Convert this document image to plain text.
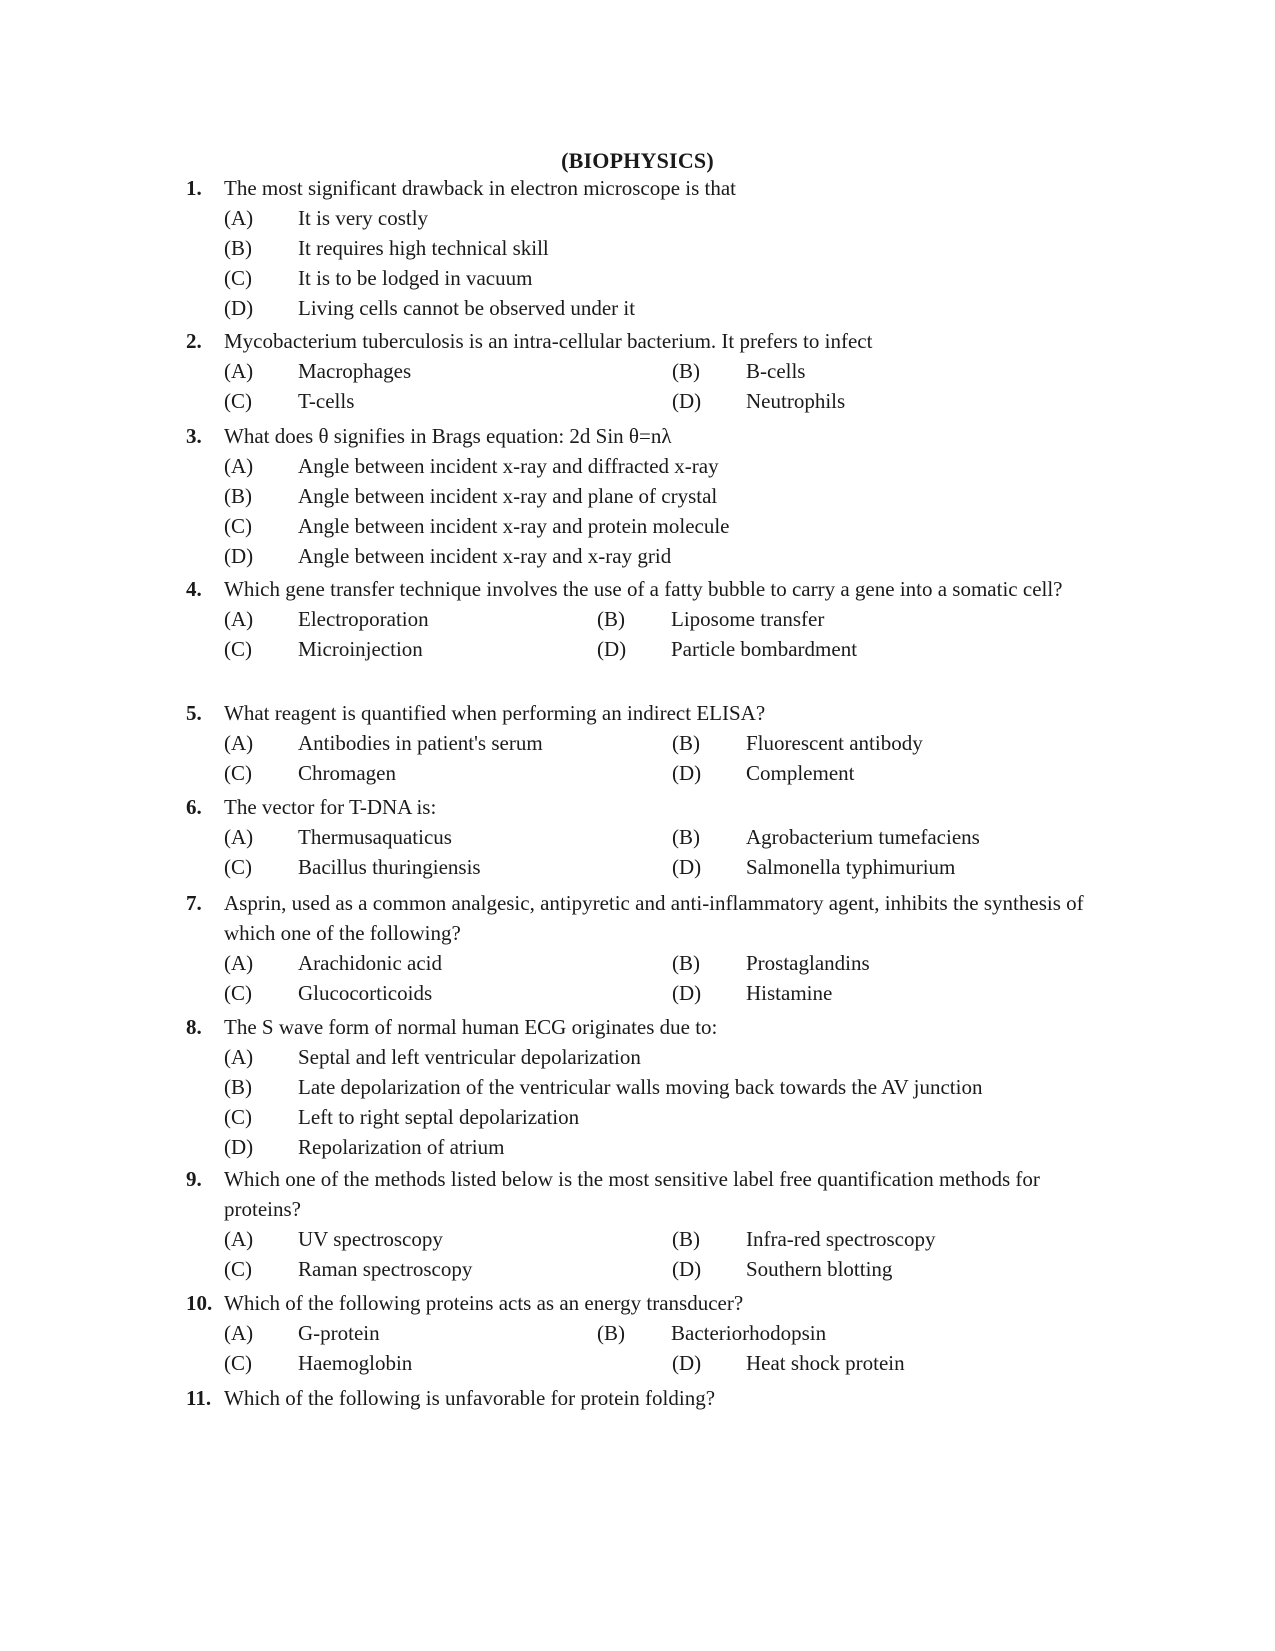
(BIOPHYSICS)
1. The most significant drawback in electron microscope is that
(A)	It is very costly
(B)	It requires high technical skill
(C)	It is to be lodged in vacuum
(D)	Living cells cannot be observed under it
2. Mycobacterium tuberculosis is an intra-cellular bacterium. It prefers to infect
(A)	Macrophages	(B)	B-cells
(C)	T-cells	(D)	Neutrophils
3. What does θ signifies in Brags equation: 2d Sin θ=nλ
(A)	Angle between incident x-ray and diffracted x-ray
(B)	Angle between incident x-ray and plane of crystal
(C)	Angle between incident x-ray and protein molecule
(D)	Angle between incident x-ray and x-ray grid
4. Which gene transfer technique involves the use of a fatty bubble to carry a gene into a somatic cell?
(A)	Electroporation	(B)	Liposome transfer
(C)	Microinjection	(D)	Particle bombardment
5. What reagent is quantified when performing an indirect ELISA?
(A)	Antibodies in patient's serum	(B)	Fluorescent antibody
(C)	Chromagen	(D)	Complement
6. The vector for T-DNA is:
(A)	Thermusaquaticus	(B)	Agrobacterium tumefaciens
(C)	Bacillus thuringiensis	(D)	Salmonella typhimurium
7. Asprin, used as a common analgesic, antipyretic and anti-inflammatory agent, inhibits the synthesis of which one of the following?
(A)	Arachidonic acid	(B)	Prostaglandins
(C)	Glucocorticoids	(D)	Histamine
8. The S wave form of normal human ECG originates due to:
(A)	Septal and left ventricular depolarization
(B)	Late depolarization of the ventricular walls moving back towards the AV junction
(C)	Left to right septal depolarization
(D)	Repolarization of atrium
9. Which one of the methods listed below is the most sensitive label free quantification methods for proteins?
(A)	UV spectroscopy	(B)	Infra-red spectroscopy
(C)	Raman spectroscopy	(D)	Southern blotting
10. Which of the following proteins acts as an energy transducer?
(A)	G-protein	(B)	Bacteriorhodopsin
(C)	Haemoglobin	(D)	Heat shock protein
11. Which of the following is unfavorable for protein folding?
